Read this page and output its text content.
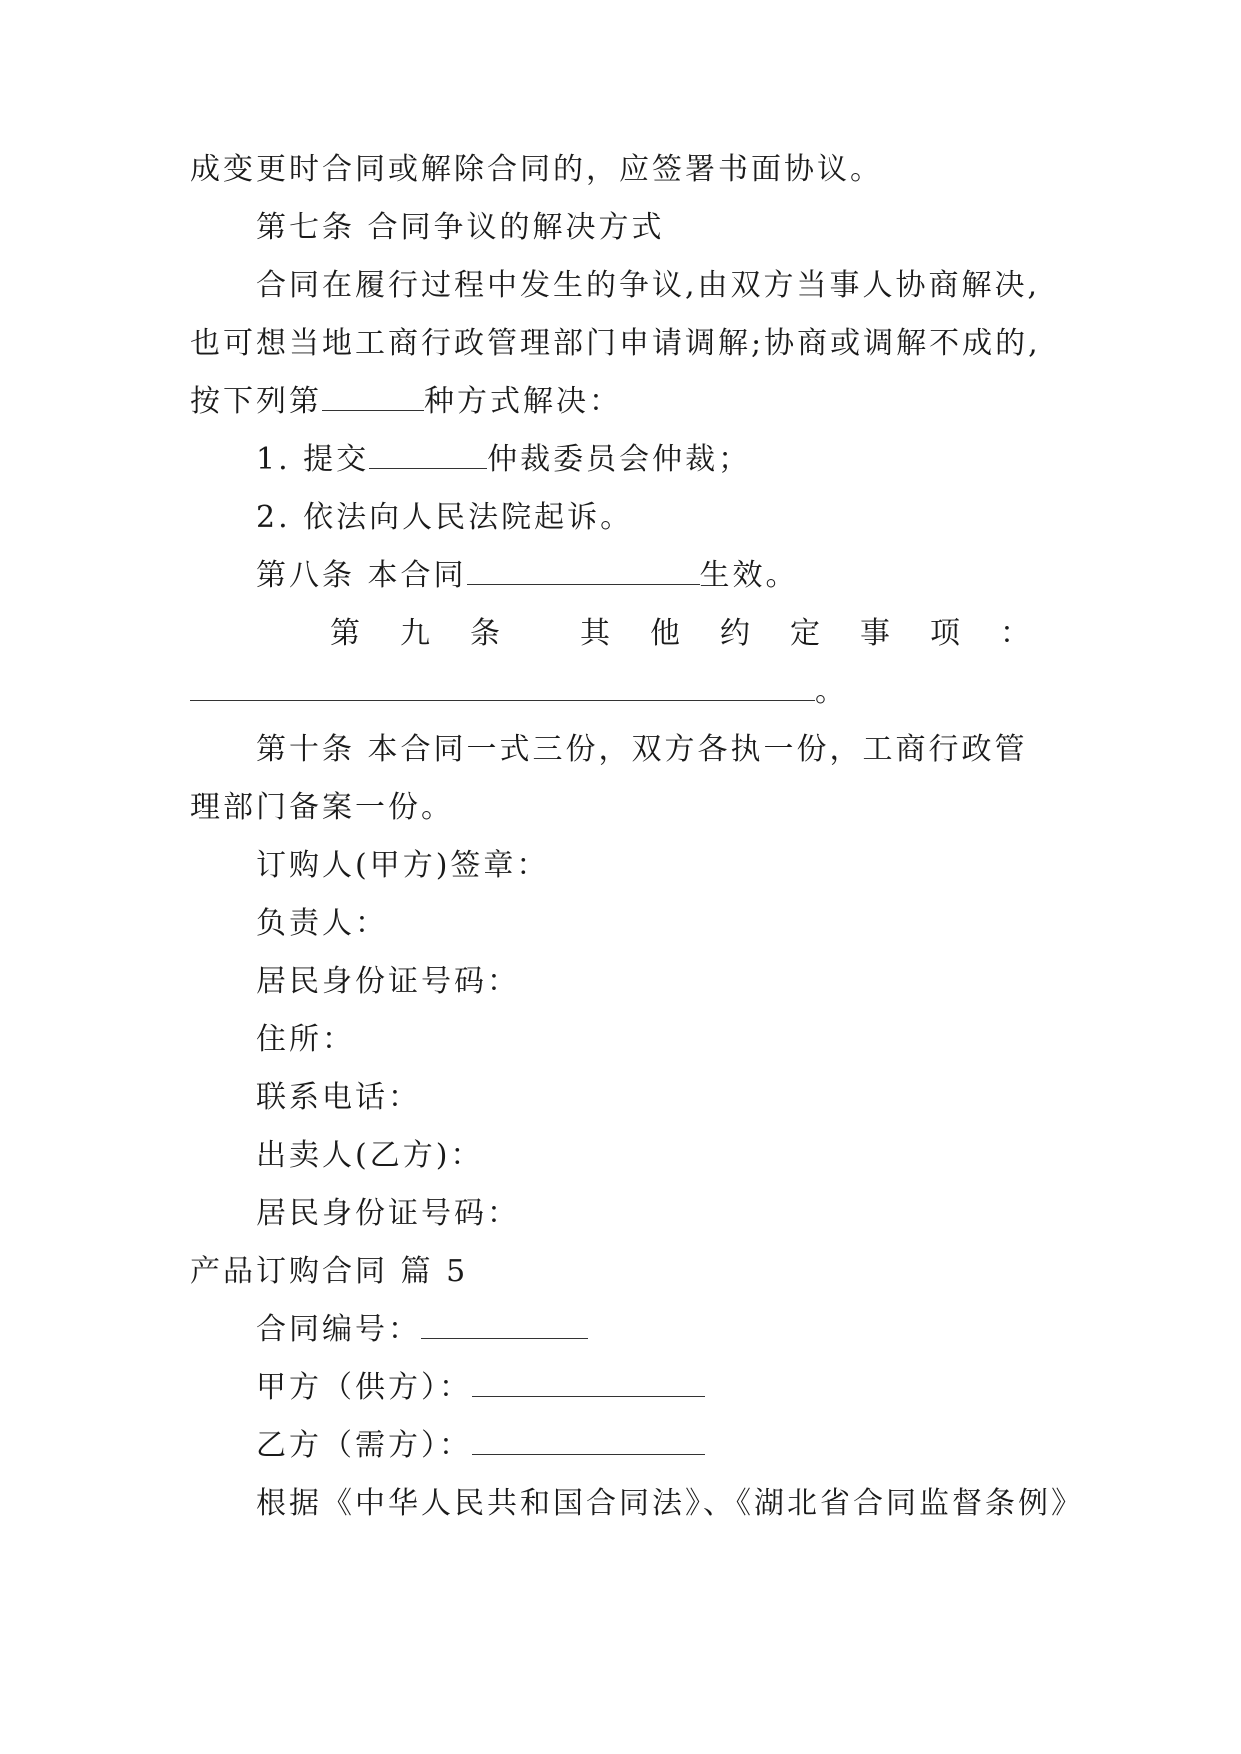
成变更时合同或解除合同的，应签署书面协议。
第七条 合同争议的解决方式
合同在履行过程中发生的争议,由双方当事人协商解决,
也可想当地工商行政管理部门申请调解;协商或调解不成的,
按下列第	种方式解决：
1. 提交	仲裁委员会仲裁；
2. 依法向人民法院起诉。
第八条 本合同	生效。
第 九 条	其 他 约 定 事 项 ：
。
第十条 本合同一式三份，双方各执一份，工商行政管
理部门备案一份。
订购人(甲方)签章：
负责人：
居民身份证号码：
住所：
联系电话：
出卖人(乙方)：
居民身份证号码：
产品订购合同 篇 5
合同编号：
甲方（供方）：
乙方（需方）：
根据《中华人民共和国合同法》、《湖北省合同监督条例》
